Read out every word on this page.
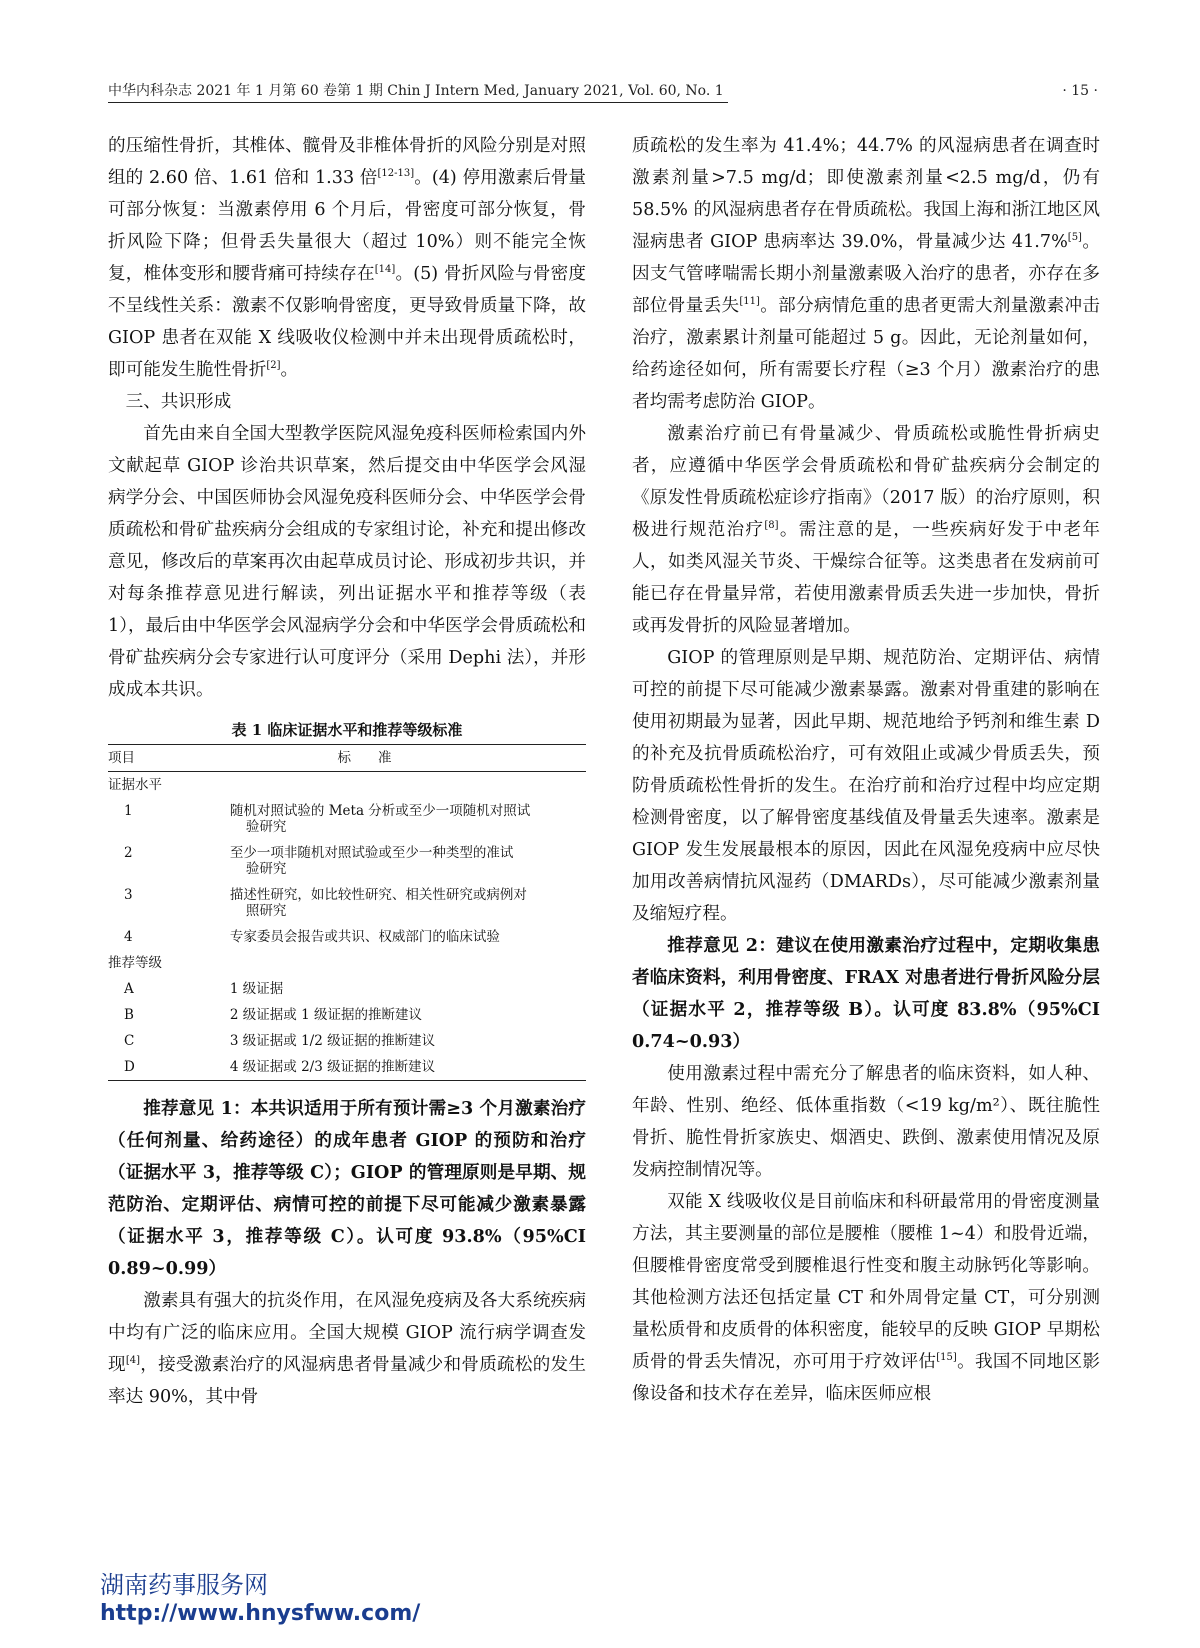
中华内科杂志 2021 年 1 月第 60 卷第 1 期 Chin J Intern Med, January 2021, Vol. 60, No. 1	· 15 ·

的压缩性骨折，其椎体、髋骨及非椎体骨折的风险分别是对照组的 2.60 倍、1.61 倍和 1.33 倍[12-13]。(4) 停用激素后骨量可部分恢复：当激素停用 6 个月后，骨密度可部分恢复，骨折风险下降；但骨丢失量很大（超过 10%）则不能完全恢复，椎体变形和腰背痛可持续存在[14]。(5) 骨折风险与骨密度不呈线性关系：激素不仅影响骨密度，更导致骨质量下降，故 GIOP 患者在双能 X 线吸收仪检测中并未出现骨质疏松时，即可能发生脆性骨折[2]。

三、共识形成

首先由来自全国大型教学医院风湿免疫科医师检索国内外文献起草 GIOP 诊治共识草案，然后提交由中华医学会风湿病学分会、中国医师协会风湿免疫科医师分会、中华医学会骨质疏松和骨矿盐疾病分会组成的专家组讨论，补充和提出修改意见，修改后的草案再次由起草成员讨论、形成初步共识，并对每条推荐意见进行解读，列出证据水平和推荐等级（表 1），最后由中华医学会风湿病学分会和中华医学会骨质疏松和骨矿盐疾病分会专家进行认可度评分（采用 Dephi 法），并形成成本共识。

表 1 临床证据水平和推荐等级标准
项目	标准
证据水平	
1	随机对照试验的 Meta 分析或至少一项随机对照试
验研究

2	至少一项非随机对照试验或至少一种类型的准试
验研究

3	描述性研究，如比较性研究、相关性研究或病例对
照研究

4	专家委员会报告或共识、权威部门的临床试验
推荐等级	
A	1 级证据
B	2 级证据或 1 级证据的推断建议
C	3 级证据或 1/2 级证据的推断建议
D	4 级证据或 2/3 级证据的推断建议

推荐意见 1：本共识适用于所有预计需≥3 个月激素治疗（任何剂量、给药途径）的成年患者 GIOP 的预防和治疗（证据水平 3，推荐等级 C）；GIOP 的管理原则是早期、规范防治、定期评估、病情可控的前提下尽可能减少激素暴露（证据水平 3，推荐等级 C）。认可度 93.8%（95%CI 0.89~0.99）

激素具有强大的抗炎作用，在风湿免疫病及各大系统疾病中均有广泛的临床应用。全国大规模 GIOP 流行病学调查发现[4]，接受激素治疗的风湿病患者骨量减少和骨质疏松的发生率达 90%，其中骨

质疏松的发生率为 41.4%；44.7% 的风湿病患者在调查时激素剂量>7.5 mg/d；即使激素剂量<2.5 mg/d，仍有 58.5% 的风湿病患者存在骨质疏松。我国上海和浙江地区风湿病患者 GIOP 患病率达 39.0%，骨量减少达 41.7%[5]。因支气管哮喘需长期小剂量激素吸入治疗的患者，亦存在多部位骨量丢失[11]。部分病情危重的患者更需大剂量激素冲击治疗，激素累计剂量可能超过 5 g。因此，无论剂量如何，给药途径如何，所有需要长疗程（≥3 个月）激素治疗的患者均需考虑防治 GIOP。

激素治疗前已有骨量减少、骨质疏松或脆性骨折病史者，应遵循中华医学会骨质疏松和骨矿盐疾病分会制定的《原发性骨质疏松症诊疗指南》（2017 版）的治疗原则，积极进行规范治疗[8]。需注意的是，一些疾病好发于中老年人，如类风湿关节炎、干燥综合征等。这类患者在发病前可能已存在骨量异常，若使用激素骨质丢失进一步加快，骨折或再发骨折的风险显著增加。

GIOP 的管理原则是早期、规范防治、定期评估、病情可控的前提下尽可能减少激素暴露。激素对骨重建的影响在使用初期最为显著，因此早期、规范地给予钙剂和维生素 D 的补充及抗骨质疏松治疗，可有效阻止或减少骨质丢失，预防骨质疏松性骨折的发生。在治疗前和治疗过程中均应定期检测骨密度，以了解骨密度基线值及骨量丢失速率。激素是 GIOP 发生发展最根本的原因，因此在风湿免疫病中应尽快加用改善病情抗风湿药（DMARDs），尽可能减少激素剂量及缩短疗程。

推荐意见 2：建议在使用激素治疗过程中，定期收集患者临床资料，利用骨密度、FRAX 对患者进行骨折风险分层（证据水平 2，推荐等级 B）。认可度 83.8%（95%CI 0.74~0.93）

使用激素过程中需充分了解患者的临床资料，如人种、年龄、性别、绝经、低体重指数（<19 kg/m²）、既往脆性骨折、脆性骨折家族史、烟酒史、跌倒、激素使用情况及原发病控制情况等。

双能 X 线吸收仪是目前临床和科研最常用的骨密度测量方法，其主要测量的部位是腰椎（腰椎 1~4）和股骨近端，但腰椎骨密度常受到腰椎退行性变和腹主动脉钙化等影响。其他检测方法还包括定量 CT 和外周骨定量 CT，可分别测量松质骨和皮质骨的体积密度，能较早的反映 GIOP 早期松质骨的骨丢失情况，亦可用于疗效评估[15]。我国不同地区影像设备和技术存在差异，临床医师应根

湖南药事服务网
http://www.hnysfww.com/
